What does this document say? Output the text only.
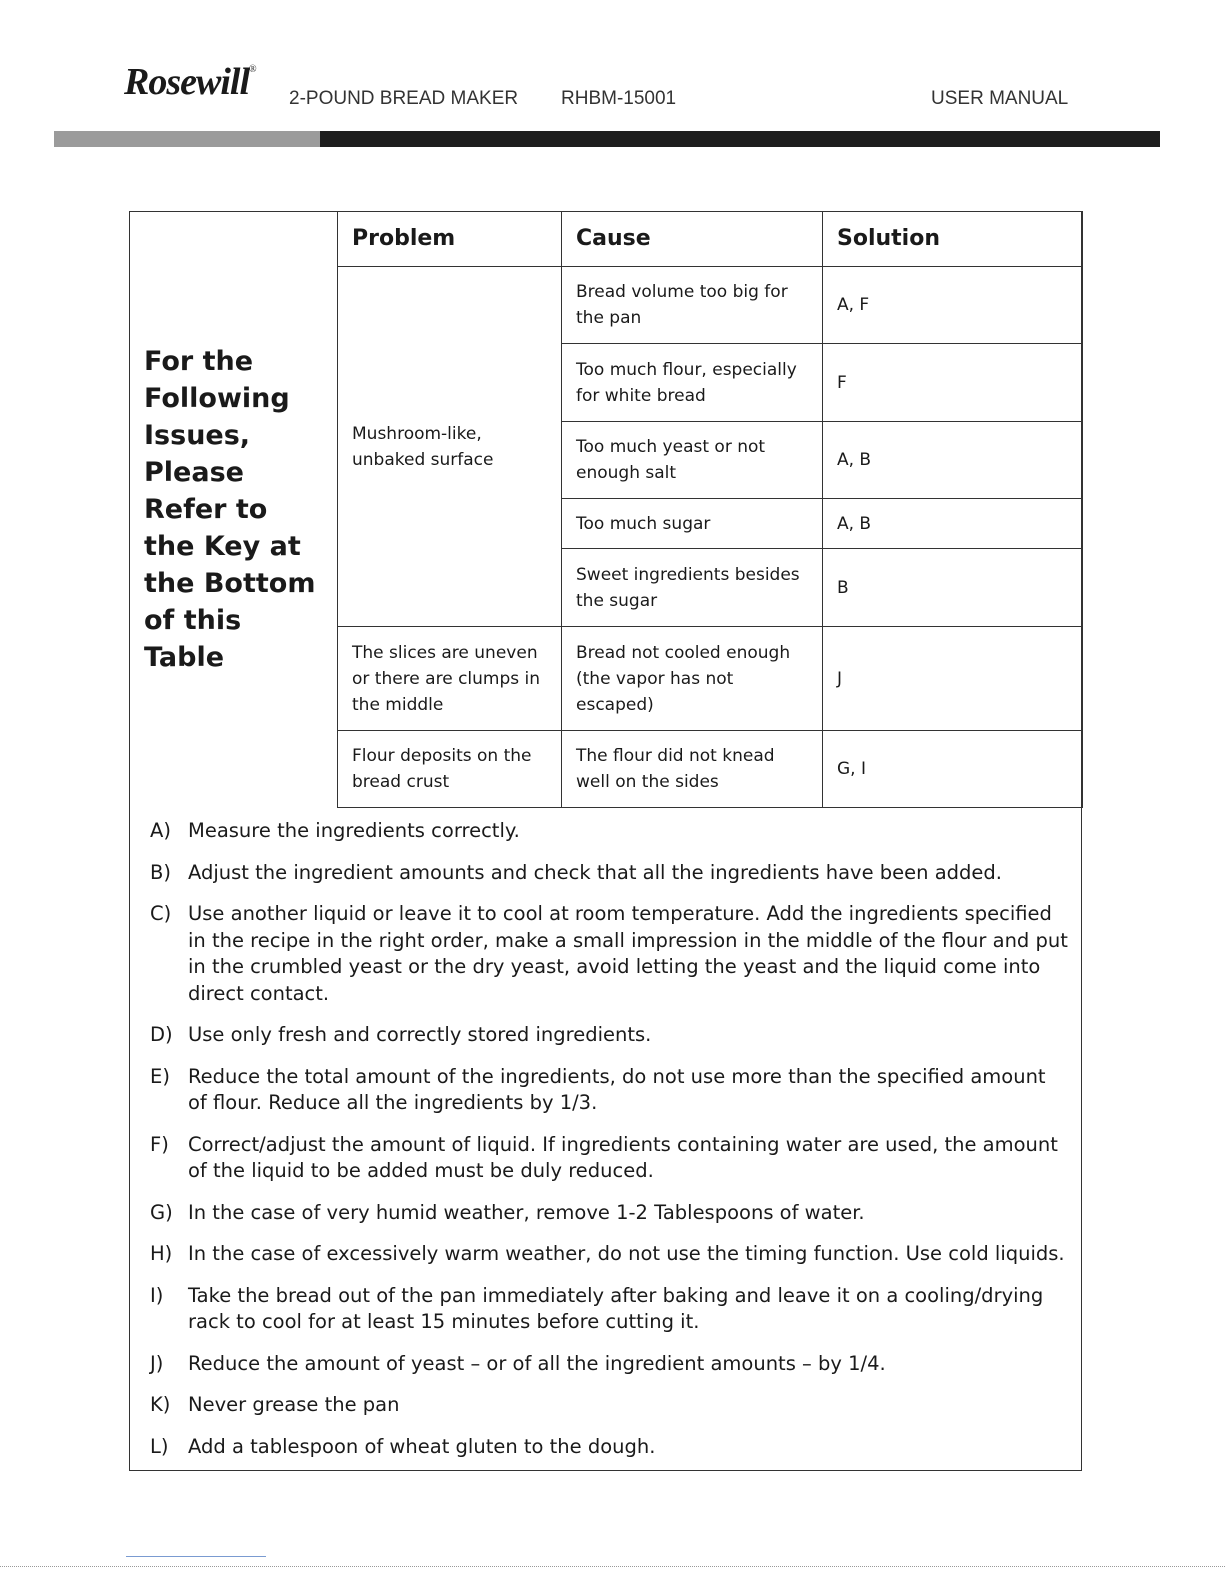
Rosewill®
2-POUND BREAD MAKER RHBM-15001	USER MANUAL
For the Following Issues, Please Refer to the Key at the Bottom of this Table	Problem	Cause	Solution
	Mushroom-like, unbaked surface	Bread volume too big for the pan	A, F
		Too much flour, especially for white bread	F
		Too much yeast or not enough salt	A, B
		Too much sugar	A, B
		Sweet ingredients besides the sugar	B
	The slices are uneven or there are clumps in the middle	Bread not cooled enough (the vapor has not escaped)	J
	Flour deposits on the bread crust	The flour did not knead well on the sides	G, I
A) Measure the ingredients correctly.
B) Adjust the ingredient amounts and check that all the ingredients have been added.
C) Use another liquid or leave it to cool at room temperature. Add the ingredients specified in the recipe in the right order, make a small impression in the middle of the flour and put in the crumbled yeast or the dry yeast, avoid letting the yeast and the liquid come into direct contact.
D) Use only fresh and correctly stored ingredients.
E) Reduce the total amount of the ingredients, do not use more than the specified amount of flour. Reduce all the ingredients by 1/3.
F) Correct/adjust the amount of liquid. If ingredients containing water are used, the amount of the liquid to be added must be duly reduced.
G) In the case of very humid weather, remove 1-2 Tablespoons of water.
H) In the case of excessively warm weather, do not use the timing function. Use cold liquids.
I)	Take the bread out of the pan immediately after baking and leave it on a cooling/drying rack to cool for at least 15 minutes before cutting it.
J)	Reduce the amount of yeast – or of all the ingredient amounts – by 1/4.
K) Never grease the pan
L)	Add a tablespoon of wheat gluten to the dough.
